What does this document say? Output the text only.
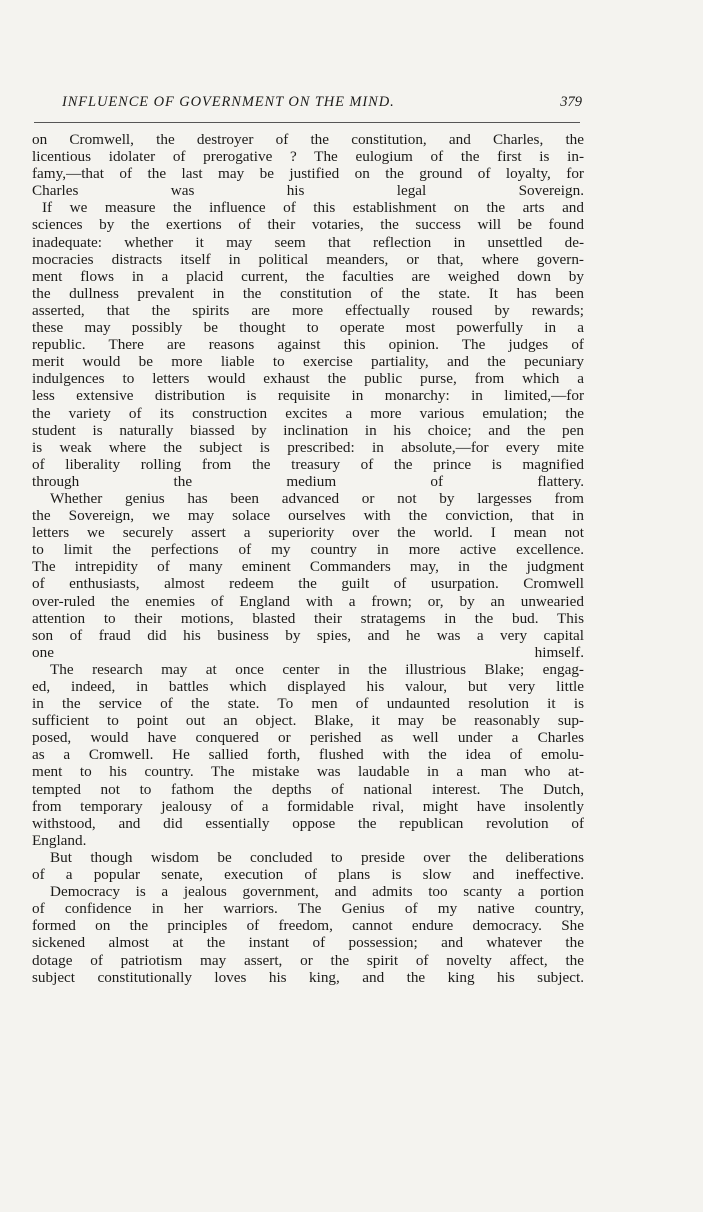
INFLUENCE OF GOVERNMENT ON THE MIND.	379

on Cromwell, the destroyer of the constitution, and Charles, the
licentious idolater of prerogative ? The eulogium of the first is in-
famy,—that of the last may be justified on the ground of loyalty, for
Charles was his legal Sovereign.

If we measure the influence of this establishment on the arts and
sciences by the exertions of their votaries, the success will be found
inadequate: whether it may seem that reflection in unsettled de-
mocracies distracts itself in political meanders, or that, where govern-
ment flows in a placid current, the faculties are weighed down by
the dullness prevalent in the constitution of the state. It has been
asserted, that the spirits are more effectually roused by rewards;
these may possibly be thought to operate most powerfully in a
republic. There are reasons against this opinion. The judges of
merit would be more liable to exercise partiality, and the pecuniary
indulgences to letters would exhaust the public purse, from which a
less extensive distribution is requisite in monarchy: in limited,—for
the variety of its construction excites a more various emulation; the
student is naturally biassed by inclination in his choice; and the pen
is weak where the subject is prescribed: in absolute,—for every mite
of liberality rolling from the treasury of the prince is magnified
through the medium of flattery.

Whether genius has been advanced or not by largesses from
the Sovereign, we may solace ourselves with the conviction, that in
letters we securely assert a superiority over the world. I mean not
to limit the perfections of my country in more active excellence.
The intrepidity of many eminent Commanders may, in the judgment
of enthusiasts, almost redeem the guilt of usurpation. Cromwell
over-ruled the enemies of England with a frown; or, by an unwearied
attention to their motions, blasted their stratagems in the bud. This
son of fraud did his business by spies, and he was a very capital
one himself.

The research may at once center in the illustrious Blake; engag-
ed, indeed, in battles which displayed his valour, but very little
in the service of the state. To men of undaunted resolution it is
sufficient to point out an object. Blake, it may be reasonably sup-
posed, would have conquered or perished as well under a Charles
as a Cromwell. He sallied forth, flushed with the idea of emolu-
ment to his country. The mistake was laudable in a man who at-
tempted not to fathom the depths of national interest. The Dutch,
from temporary jealousy of a formidable rival, might have insolently
withstood, and did essentially oppose the republican revolution of
England.

But though wisdom be concluded to preside over the deliberations
of a popular senate, execution of plans is slow and ineffective.

Democracy is a jealous government, and admits too scanty a portion
of confidence in her warriors. The Genius of my native country,
formed on the principles of freedom, cannot endure democracy. She
sickened almost at the instant of possession; and whatever the
dotage of patriotism may assert, or the spirit of novelty affect, the
subject constitutionally loves his king, and the king his subject.
